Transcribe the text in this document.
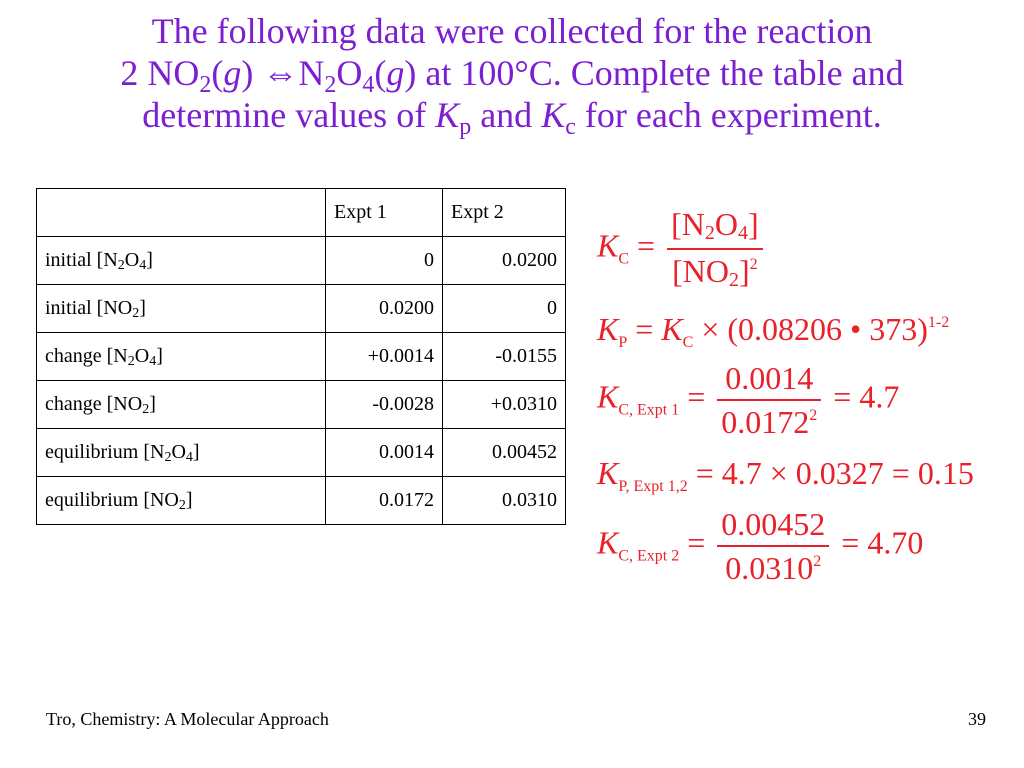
The following data were collected for the reaction
2 $NO_2(g)$ $\Leftrightarrow N_2O_4(g)$ at 100°C. Complete the table and
determine values of $K_p$ and $K_c$ for each experiment.
	Expt 1	Expt 2
initial $[N_2O_4]$	0	0.0200
initial $[NO_2]$	0.0200	0
change $[N_2O_4]$	+0.0014	-0.0155
change $[NO_2]$	-0.0028	+0.0310
equilibrium $[N_2O_4]$	0.0014	0.00452
equilibrium $[NO_2]$	0.0172	0.0310
$K_C = \frac{[N2O4]}{[NO2]^2}$
$K_P = K_C \times (0.08206$ • 373)$^{1-2}$
$K_{C, Expt 1} = \frac{0.0014}{0.0172^2} = 4.7$
$K_{P, Expt 1,2} = 4.7 \times 0.0327 = 0.15$
$K_{C, Expt 2} = \frac{0.00452}{0.0310^2} = 4.70$
Tro, Chemistry: A Molecular Approach	39
